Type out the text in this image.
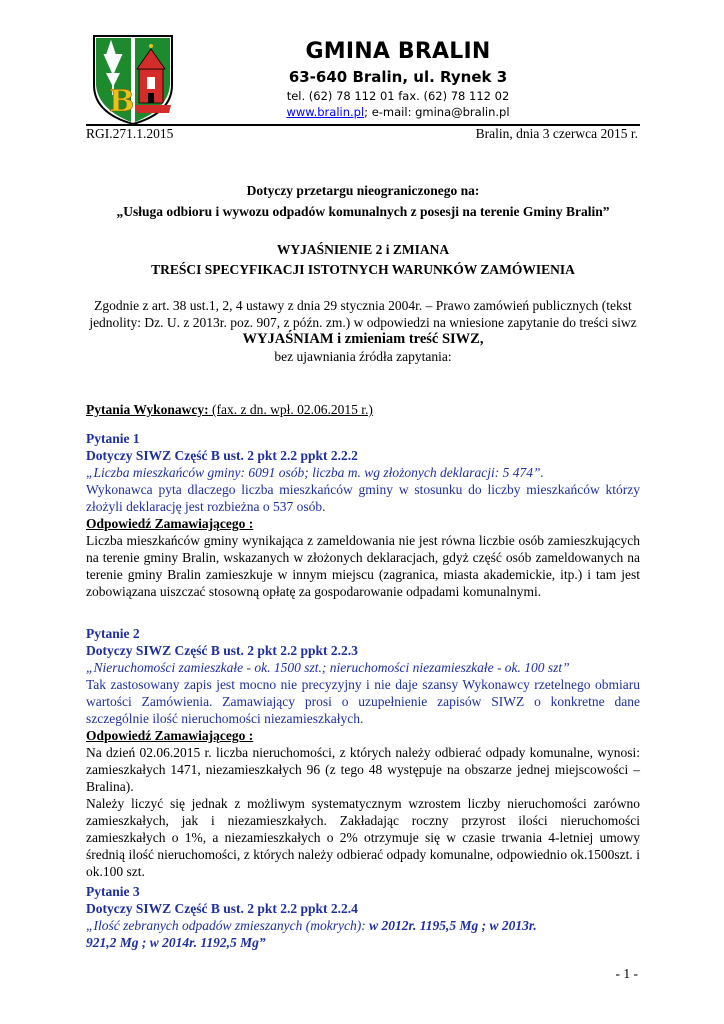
B
GMINA BRALIN
63-640 Bralin, ul. Rynek 3
tel. (62) 78 112 01 fax. (62) 78 112 02
www.bralin.pl; e-mail: gmina@bralin.pl
RGI.271.1.2015	Bralin, dnia 3 czerwca 2015 r.
Dotyczy przetargu nieograniczonego na:
„Usługa odbioru i wywozu odpadów komunalnych z posesji na terenie Gminy Bralin”
WYJAŚNIENIE 2 i ZMIANA
TREŚCI SPECYFIKACJI ISTOTNYCH WARUNKÓW ZAMÓWIENIA
Zgodnie z art. 38 ust.1, 2, 4 ustawy z dnia 29 stycznia 2004r. – Prawo zamówień publicznych (tekst
jednolity: Dz. U. z 2013r. poz. 907, z późn. zm.) w odpowiedzi na wniesione zapytanie do treści siwz
WYJAŚNIAM i zmieniam treść SIWZ,
bez ujawniania źródła zapytania:
Pytania Wykonawcy: (fax. z dn. wpł. 02.06.2015 r.)
Pytanie 1
Dotyczy SIWZ Część B ust. 2 pkt 2.2 ppkt 2.2.2
„Liczba mieszkańców gminy: 6091 osób; liczba m. wg złożonych deklaracji: 5 474”.
Wykonawca pyta dlaczego liczba mieszkańców gminy w stosunku do liczby mieszkańców którzy złożyli deklarację jest rozbieżna o 537 osób.
Odpowiedź Zamawiającego :
Liczba mieszkańców gminy wynikająca z zameldowania nie jest równa liczbie osób zamieszkujących na terenie gminy Bralin, wskazanych w złożonych deklaracjach, gdyż część osób zameldowanych na terenie gminy Bralin zamieszkuje w innym miejscu (zagranica, miasta akademickie, itp.) i tam jest zobowiązana uiszczać stosowną opłatę za gospodarowanie odpadami komunalnymi.
Pytanie 2
Dotyczy SIWZ Część B ust. 2 pkt 2.2 ppkt 2.2.3
„Nieruchomości zamieszkałe - ok. 1500 szt.; nieruchomości niezamieszkałe - ok. 100 szt”
Tak zastosowany zapis jest mocno nie precyzyjny i nie daje szansy Wykonawcy rzetelnego obmiaru wartości Zamówienia. Zamawiający prosi o uzupełnienie zapisów SIWZ o konkretne dane szczególnie ilość nieruchomości niezamieszkałych.
Odpowiedź Zamawiającego :
Na dzień 02.06.2015 r. liczba nieruchomości, z których należy odbierać odpady komunalne, wynosi: zamieszkałych 1471, niezamieszkałych 96 (z tego 48 występuje na obszarze jednej miejscowości – Bralina).
Należy liczyć się jednak z możliwym systematycznym wzrostem liczby nieruchomości zarówno zamieszkałych, jak i niezamieszkałych. Zakładając roczny przyrost ilości nieruchomości zamieszkałych o 1%, a niezamieszkałych o 2% otrzymuje się w czasie trwania 4-letniej umowy średnią ilość nieruchomości, z których należy odbierać odpady komunalne, odpowiednio ok.1500szt. i ok.100 szt.
Pytanie 3
Dotyczy SIWZ Część B ust. 2 pkt 2.2 ppkt 2.2.4
„Ilość zebranych odpadów zmieszanych (mokrych): w 2012r. 1195,5 Mg ; w 2013r.
921,2 Mg ; w 2014r. 1192,5 Mg”
- 1 -
